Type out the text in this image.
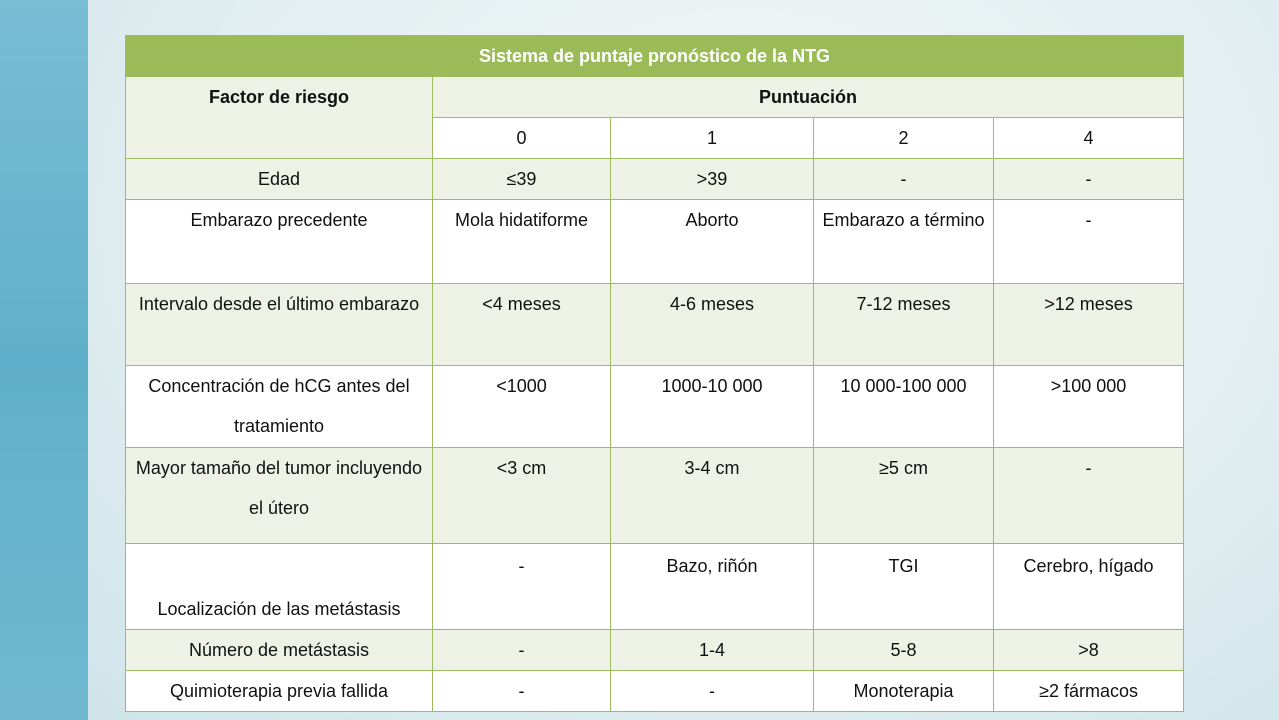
Sistema de puntaje pronóstico de la NTG				
Factor de riesgo	Puntuación			
	0	1	2	4
Edad	≤39	˃39	-	-
Embarazo precedente	Mola hidatiforme	Aborto	Embarazo a término	-
Intervalo desde el último embarazo	˂4 meses	4-6 meses	7-12 meses	˃12 meses
Concentración de hCG antes del tratamiento	˂1000	1000-10 000	10 000-100 000	˃100 000
Mayor tamaño del tumor incluyendo el útero	˂3 cm	3-4 cm	≥5 cm	-
Localización de las metástasis	-	Bazo, riñón	TGI	Cerebro, hígado
Número de metástasis	-	1-4	5-8	˃8
Quimioterapia previa fallida	-	-	Monoterapia	≥2 fármacos
